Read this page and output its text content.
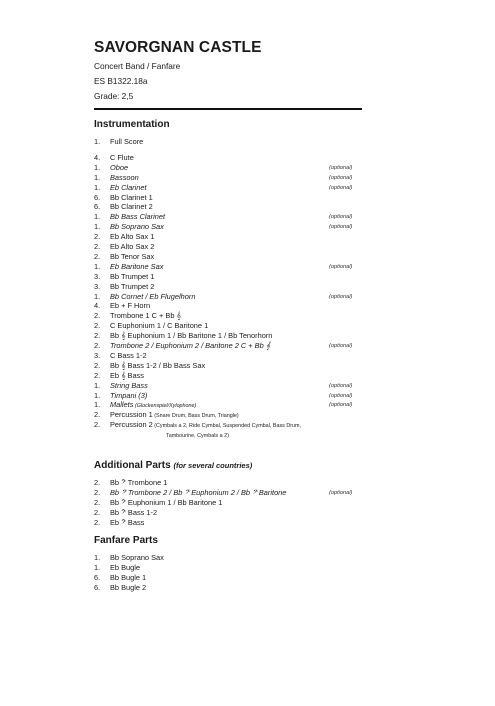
SAVORGNAN CASTLE
Concert Band / Fanfare
ES B1322.18a
Grade: 2,5
Instrumentation
1. Full Score
4. C Flute
1. Oboe	(optional)
1. Bassoon	(optional)
1. Eb Clarinet	(optional)
6. Bb Clarinet 1
6. Bb Clarinet 2
1. Bb Bass Clarinet	(optional)
1. Bb Soprano Sax	(optional)
2. Eb Alto Sax 1
2. Eb Alto Sax 2
2. Bb Tenor Sax
1. Eb Baritone Sax	(optional)
3. Bb Trumpet 1
3. Bb Trumpet 2
1. Bb Cornet / Eb Flugelhorn	(optional)
4. Eb + F Horn
2. Trombone 1 C + Bb 𝄞
2. C Euphonium 1 / C Baritone 1
2. Bb 𝄞 Euphonium 1 / Bb Baritone 1 / Bb Tenorhorn
2. Trombone 2 / Euphonium 2 / Baritone 2 C + Bb 𝄞	(optional)
3. C Bass 1-2
2. Bb 𝄞 Bass 1-2 / Bb Bass Sax
2. Eb 𝄞 Bass
1. String Bass	(optional)
1. Timpani (3)	(optional)
1. Mallets (Glockenspiel/Xylophone)	(optional)
2. Percussion 1 (Snare Drum, Bass Drum, Triangle)
2. Percussion 2 (Cymbals a 2, Ride Cymbal, Suspended Cymbal, Bass Drum,
Tambourine, Cymbals a 2)
Additional Parts (for several countries)
2. Bb 𝄢 Trombone 1
2. Bb 𝄢 Trombone 2 / Bb 𝄢 Euphonium 2 / Bb 𝄢 Baritone	(optional)
2. Bb 𝄢 Euphonium 1 / Bb Baritone 1
2. Bb 𝄢 Bass 1-2
2. Eb 𝄢 Bass
Fanfare Parts
1. Bb Soprano Sax
1. Eb Bugle
6. Bb Bugle 1
6. Bb Bugle 2
